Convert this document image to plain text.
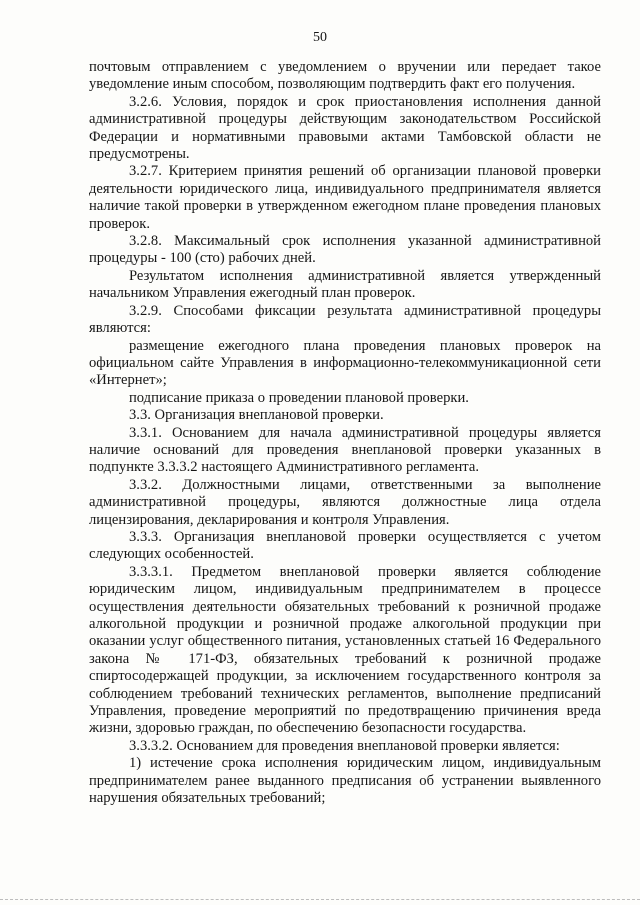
50

почтовым отправлением с уведомлением о вручении или передает такое уведомление иным способом, позволяющим подтвердить факт его получения.

3.2.6. Условия, порядок и срок приостановления исполнения данной административной процедуры действующим законодательством Российской Федерации и нормативными правовыми актами Тамбовской области не предусмотрены.

3.2.7. Критерием принятия решений об организации плановой проверки деятельности юридического лица, индивидуального предпринимателя является наличие такой проверки в утвержденном ежегодном плане проведения плановых проверок.

3.2.8. Максимальный срок исполнения указанной административной процедуры - 100 (сто) рабочих дней.

Результатом исполнения административной является утвержденный начальником Управления ежегодный план проверок.

3.2.9. Способами фиксации результата административной процедуры являются:

размещение ежегодного плана проведения плановых проверок на официальном сайте Управления в информационно-телекоммуникационной сети «Интернет»;

подписание приказа о проведении плановой проверки.

3.3. Организация внеплановой проверки.

3.3.1. Основанием для начала административной процедуры является наличие оснований для проведения внеплановой проверки указанных в подпункте 3.3.3.2 настоящего Административного регламента.

3.3.2. Должностными лицами, ответственными за выполнение административной процедуры, являются должностные лица отдела лицензирования, декларирования и контроля Управления.

3.3.3. Организация внеплановой проверки осуществляется с учетом следующих особенностей.

3.3.3.1. Предметом внеплановой проверки является соблюдение юридическим лицом, индивидуальным предпринимателем в процессе осуществления деятельности обязательных требований к розничной продаже алкогольной продукции и розничной продаже алкогольной продукции при оказании услуг общественного питания, установленных статьей 16 Федерального закона № 171-ФЗ, обязательных требований к розничной продаже спиртосодержащей продукции, за исключением государственного контроля за соблюдением требований технических регламентов, выполнение предписаний Управления, проведение мероприятий по предотвращению причинения вреда жизни, здоровью граждан, по обеспечению безопасности государства.

3.3.3.2. Основанием для проведения внеплановой проверки является:

1) истечение срока исполнения юридическим лицом, индивидуальным предпринимателем ранее выданного предписания об устранении выявленного нарушения обязательных требований;
